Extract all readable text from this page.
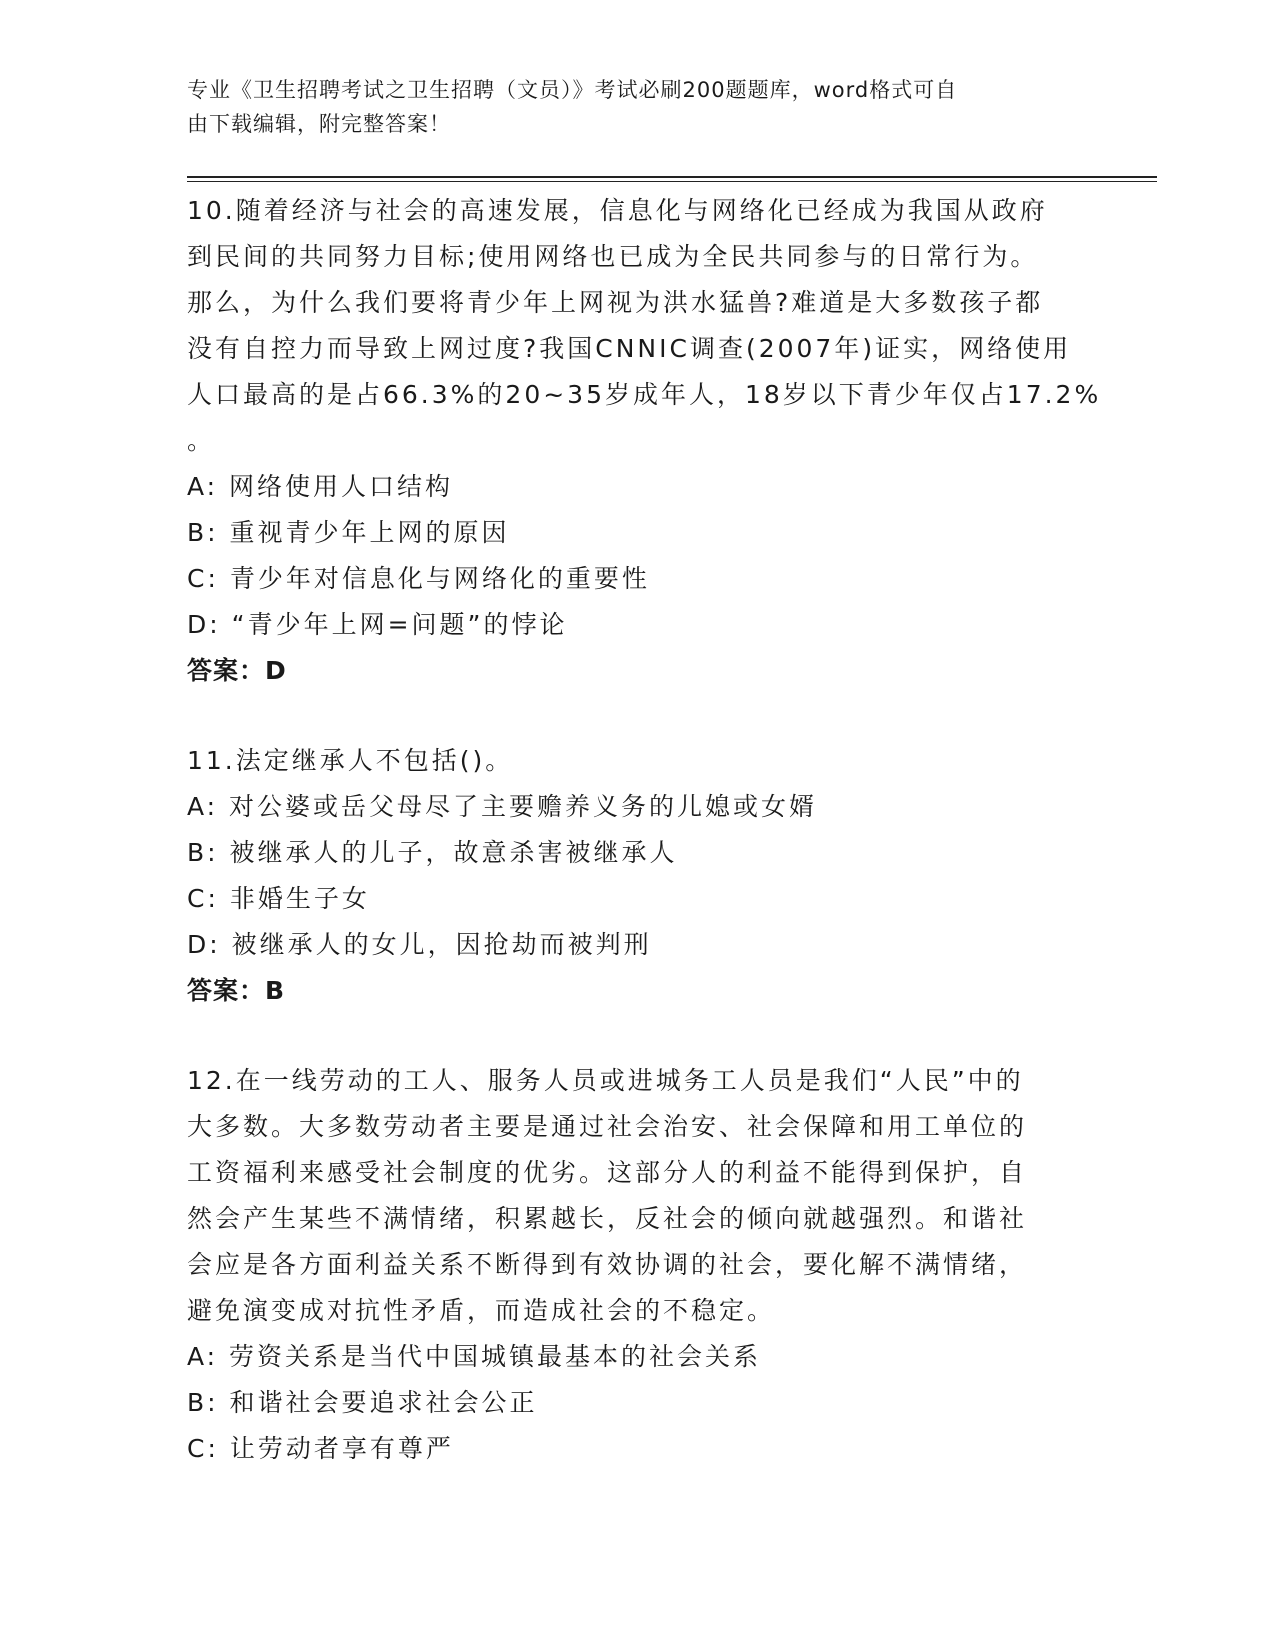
专业《卫生招聘考试之卫生招聘（文员）》考试必刷200题题库，word格式可自
由下载编辑，附完整答案！
10.随着经济与社会的高速发展，信息化与网络化已经成为我国从政府
到民间的共同努力目标;使用网络也已成为全民共同参与的日常行为。
那么，为什么我们要将青少年上网视为洪水猛兽?难道是大多数孩子都
没有自控力而导致上网过度?我国CNNIC调查(2007年)证实，网络使用
人口最高的是占66.3%的20~35岁成年人，18岁以下青少年仅占17.2%
。
A: 网络使用人口结构
B: 重视青少年上网的原因
C: 青少年对信息化与网络化的重要性
D: “青少年上网=问题”的悖论
答案：D
11.法定继承人不包括()。
A: 对公婆或岳父母尽了主要赡养义务的儿媳或女婿
B: 被继承人的儿子，故意杀害被继承人
C: 非婚生子女
D: 被继承人的女儿，因抢劫而被判刑
答案：B
12.在一线劳动的工人、服务人员或进城务工人员是我们“人民”中的
大多数。大多数劳动者主要是通过社会治安、社会保障和用工单位的
工资福利来感受社会制度的优劣。这部分人的利益不能得到保护，自
然会产生某些不满情绪，积累越长，反社会的倾向就越强烈。和谐社
会应是各方面利益关系不断得到有效协调的社会，要化解不满情绪，
避免演变成对抗性矛盾，而造成社会的不稳定。
A: 劳资关系是当代中国城镇最基本的社会关系
B: 和谐社会要追求社会公正
C: 让劳动者享有尊严
